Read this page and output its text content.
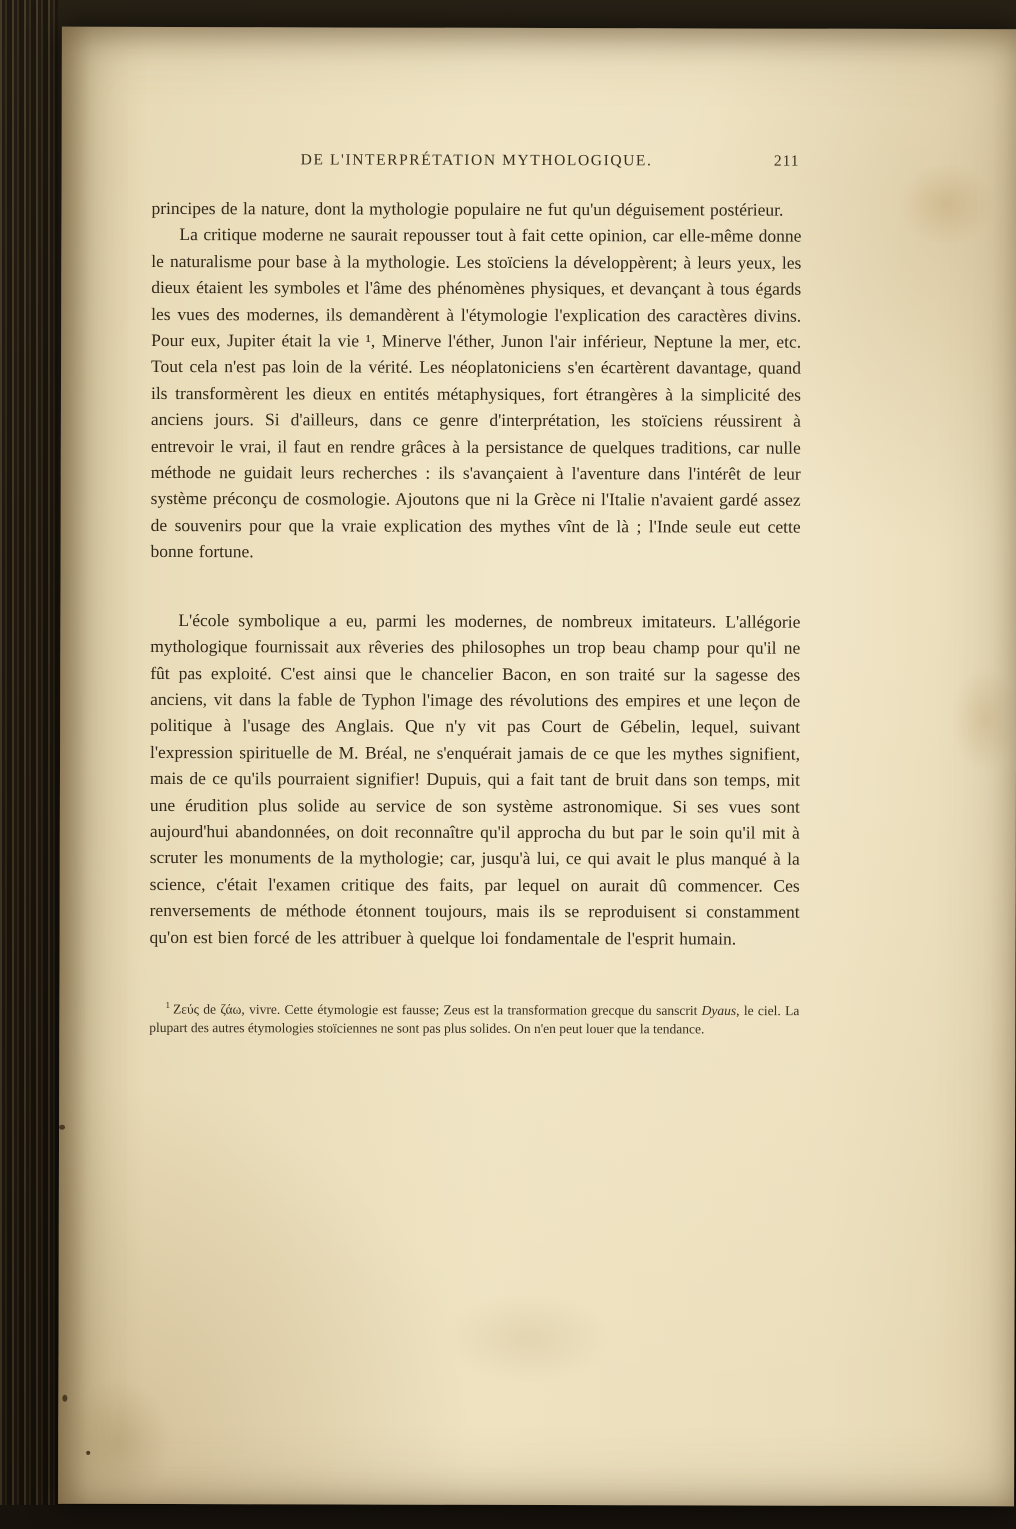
DE L'INTERPRÉTATION MYTHOLOGIQUE.	211

principes de la nature, dont la mythologie populaire ne fut qu'un déguisement postérieur.

La critique moderne ne saurait repousser tout à fait cette opinion, car elle-même donne le naturalisme pour base à la mythologie. Les stoïciens la développèrent; à leurs yeux, les dieux étaient les symboles et l'âme des phénomènes physiques, et devançant à tous égards les vues des modernes, ils demandèrent à l'étymologie l'explication des caractères divins. Pour eux, Jupiter était la vie ¹, Minerve l'éther, Junon l'air inférieur, Neptune la mer, etc. Tout cela n'est pas loin de la vérité. Les néoplatoniciens s'en écartèrent davantage, quand ils transformèrent les dieux en entités métaphysiques, fort étrangères à la simplicité des anciens jours. Si d'ailleurs, dans ce genre d'interprétation, les stoïciens réussirent à entrevoir le vrai, il faut en rendre grâces à la persistance de quelques traditions, car nulle méthode ne guidait leurs recherches : ils s'avançaient à l'aventure dans l'intérêt de leur système préconçu de cosmologie. Ajoutons que ni la Grèce ni l'Italie n'avaient gardé assez de souvenirs pour que la vraie explication des mythes vînt de là ; l'Inde seule eut cette bonne fortune.

L'école symbolique a eu, parmi les modernes, de nombreux imitateurs. L'allégorie mythologique fournissait aux rêveries des philosophes un trop beau champ pour qu'il ne fût pas exploité. C'est ainsi que le chancelier Bacon, en son traité sur la sagesse des anciens, vit dans la fable de Typhon l'image des révolutions des empires et une leçon de politique à l'usage des Anglais. Que n'y vit pas Court de Gébelin, lequel, suivant l'expression spirituelle de M. Bréal, ne s'enquérait jamais de ce que les mythes signifient, mais de ce qu'ils pourraient signifier! Dupuis, qui a fait tant de bruit dans son temps, mit une érudition plus solide au service de son système astronomique. Si ses vues sont aujourd'hui abandonnées, on doit reconnaître qu'il approcha du but par le soin qu'il mit à scruter les monuments de la mythologie; car, jusqu'à lui, ce qui avait le plus manqué à la science, c'était l'examen critique des faits, par lequel on aurait dû commencer. Ces renversements de méthode étonnent toujours, mais ils se reproduisent si constamment qu'on est bien forcé de les attribuer à quelque loi fondamentale de l'esprit humain.

$^1$ Ζεύς de ζάω, vivre. Cette étymologie est fausse; Zeus est la transformation grecque du sanscrit Dyaus, le ciel. La plupart des autres étymologies stoïciennes ne sont pas plus solides. On n'en peut louer que la tendance.
